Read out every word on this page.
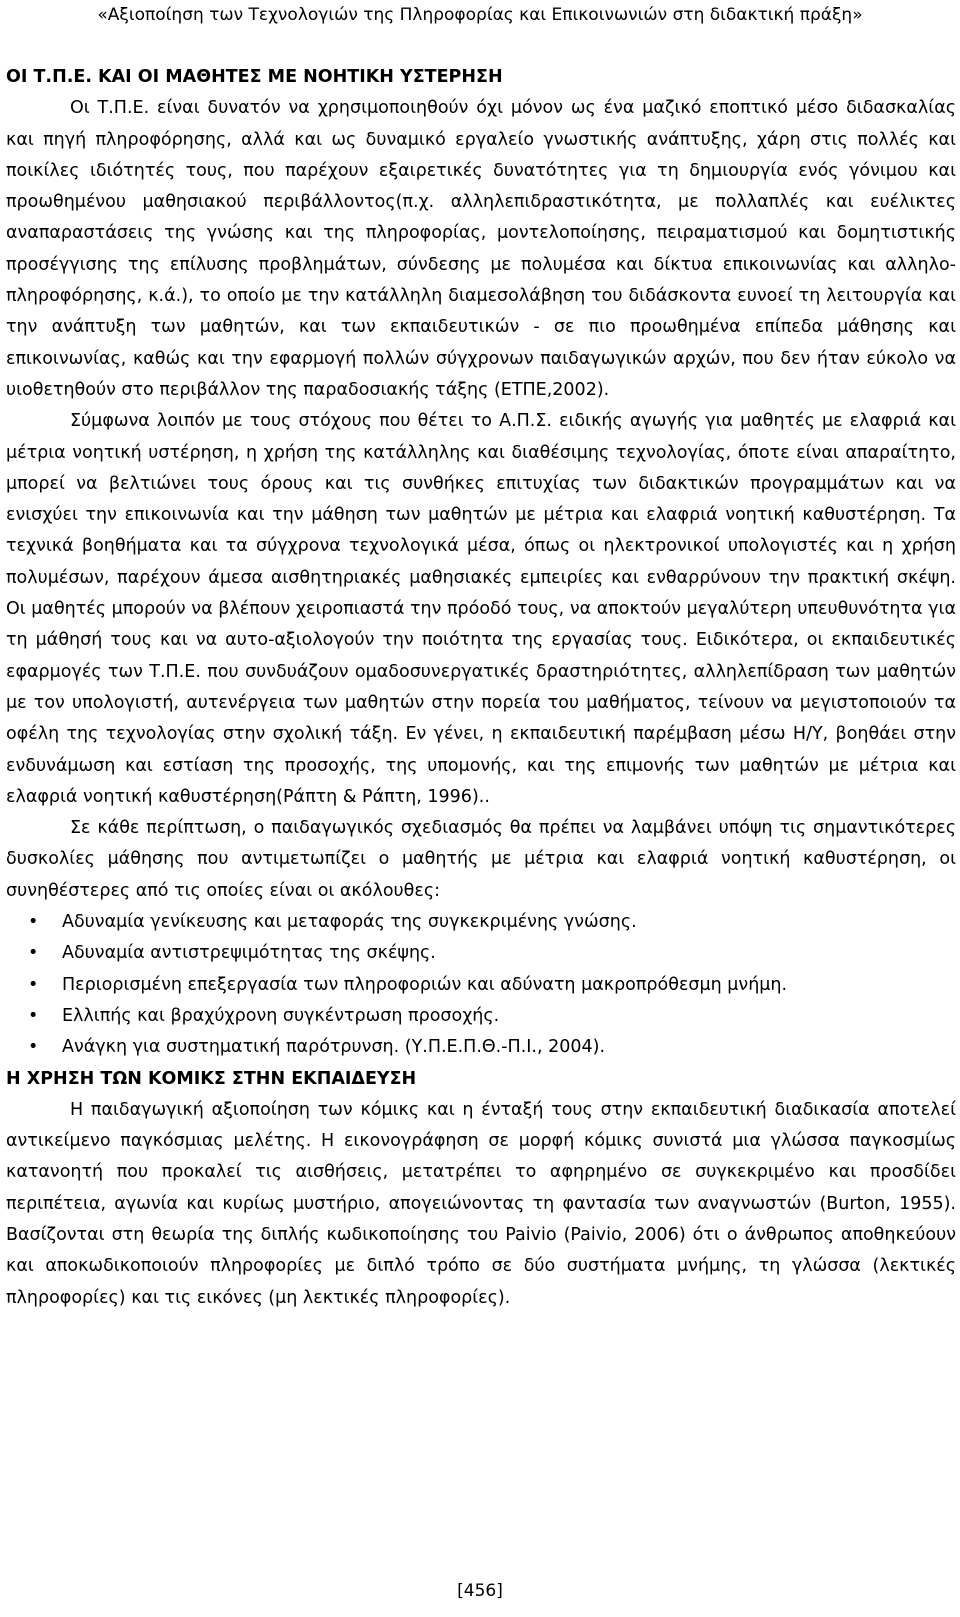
«Αξιοποίηση των Τεχνολογιών της Πληροφορίας και Επικοινωνιών στη διδακτική πράξη»

ΟΙ Τ.Π.Ε. ΚΑΙ ΟΙ ΜΑΘΗΤΕΣ ΜΕ ΝΟΗΤΙΚΗ ΥΣΤΕΡΗΣΗ

Οι Τ.Π.Ε. είναι δυνατόν να χρησιμοποιηθούν όχι μόνον ως ένα μαζικό εποπτικό μέσο διδασκαλίας και πηγή πληροφόρησης, αλλά και ως δυναμικό εργαλείο γνωστικής ανάπτυξης, χάρη στις πολλές και ποικίλες ιδιότητές τους, που παρέχουν εξαιρετικές δυνατότητες για τη δημιουργία ενός γόνιμου και προωθημένου μαθησιακού περιβάλλοντος(π.χ. αλληλεπιδραστικότητα, με πολλαπλές και ευέλικτες αναπαραστάσεις της γνώσης και της πληροφορίας, μοντελοποίησης, πειραματισμού και δομητιστικής προσέγγισης της επίλυσης προβλημάτων, σύνδεσης με πολυμέσα και δίκτυα επικοινωνίας και αλληλο-πληροφόρησης, κ.ά.), το οποίο με την κατάλληλη διαμεσολάβηση του διδάσκοντα ευνοεί τη λειτουργία και την ανάπτυξη των μαθητών, και των εκπαιδευτικών - σε πιο προωθημένα επίπεδα μάθησης και επικοινωνίας, καθώς και την εφαρμογή πολλών σύγχρονων παιδαγωγικών αρχών, που δεν ήταν εύκολο να υιοθετηθούν στο περιβάλλον της παραδοσιακής τάξης (ΕΤΠΕ,2002).

Σύμφωνα λοιπόν με τους στόχους που θέτει το Α.Π.Σ. ειδικής αγωγής για μαθητές με ελαφριά και μέτρια νοητική υστέρηση, η χρήση της κατάλληλης και διαθέσιμης τεχνολογίας, όποτε είναι απαραίτητο, μπορεί να βελτιώνει τους όρους και τις συνθήκες επιτυχίας των διδακτικών προγραμμάτων και να ενισχύει την επικοινωνία και την μάθηση των μαθητών με μέτρια και ελαφριά νοητική καθυστέρηση. Τα τεχνικά βοηθήματα και τα σύγχρονα τεχνολογικά μέσα, όπως οι ηλεκτρονικοί υπολογιστές και η χρήση πολυμέσων, παρέχουν άμεσα αισθητηριακές μαθησιακές εμπειρίες και ενθαρρύνουν την πρακτική σκέψη. Οι μαθητές μπορούν να βλέπουν χειροπιαστά την πρόοδό τους, να αποκτούν μεγαλύτερη υπευθυνότητα για τη μάθησή τους και να αυτο-αξιολογούν την ποιότητα της εργασίας τους. Ειδικότερα, οι εκπαιδευτικές εφαρμογές των Τ.Π.Ε. που συνδυάζουν ομαδοσυνεργατικές δραστηριότητες, αλληλεπίδραση των μαθητών με τον υπολογιστή, αυτενέργεια των μαθητών στην πορεία του μαθήματος, τείνουν να μεγιστοποιούν τα οφέλη της τεχνολογίας στην σχολική τάξη. Εν γένει, η εκπαιδευτική παρέμβαση μέσω Η/Υ, βοηθάει στην ενδυνάμωση και εστίαση της προσοχής, της υπομονής, και της επιμονής των μαθητών με μέτρια και ελαφριά νοητική καθυστέρηση(Ράπτη & Ράπτη, 1996)..

Σε κάθε περίπτωση, ο παιδαγωγικός σχεδιασμός θα πρέπει να λαμβάνει υπόψη τις σημαντικότερες δυσκολίες μάθησης που αντιμετωπίζει ο μαθητής με μέτρια και ελαφριά νοητική καθυστέρηση, οι συνηθέστερες από τις οποίες είναι οι ακόλουθες:

• Αδυναμία γενίκευσης και μεταφοράς της συγκεκριμένης γνώσης.
• Αδυναμία αντιστρεψιμότητας της σκέψης.
• Περιορισμένη επεξεργασία των πληροφοριών και αδύνατη μακροπρόθεσμη μνήμη.
• Ελλιπής και βραχύχρονη συγκέντρωση προσοχής.
• Ανάγκη για συστηματική παρότρυνση. (Υ.Π.Ε.Π.Θ.-Π.Ι., 2004).

Η ΧΡΗΣΗ ΤΩΝ ΚΟΜΙΚΣ ΣΤΗΝ ΕΚΠΑΙΔΕΥΣΗ

Η παιδαγωγική αξιοποίηση των κόμικς και η ένταξή τους στην εκπαιδευτική διαδικασία αποτελεί αντικείμενο παγκόσμιας μελέτης. Η εικονογράφηση σε μορφή κόμικς συνιστά μια γλώσσα παγκοσμίως κατανοητή που προκαλεί τις αισθήσεις, μετατρέπει το αφηρημένο σε συγκεκριμένο και προσδίδει περιπέτεια, αγωνία και κυρίως μυστήριο, απογειώνοντας τη φαντασία των αναγνωστών (Burton, 1955). Βασίζονται στη θεωρία της διπλής κωδικοποίησης του Paivio (Paivio, 2006) ότι ο άνθρωπος αποθηκεύουν και αποκωδικοποιούν πληροφορίες με διπλό τρόπο σε δύο συστήματα μνήμης, τη γλώσσα (λεκτικές πληροφορίες) και τις εικόνες (μη λεκτικές πληροφορίες).

[456]
